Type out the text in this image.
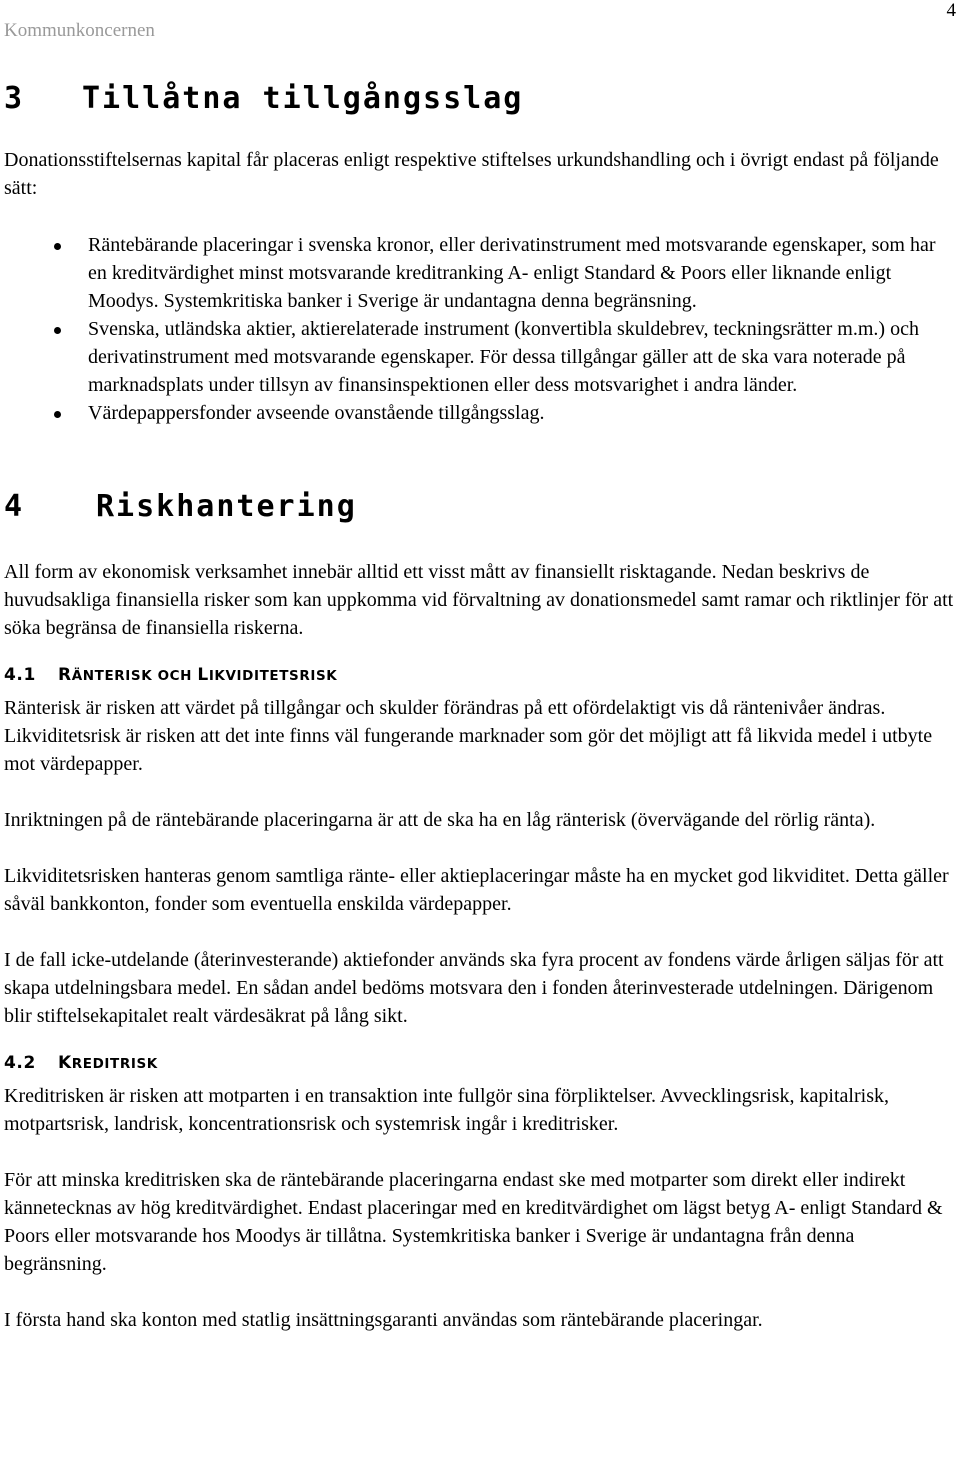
Kommunkoncernen
4
3	Tillåtna tillgångsslag

Donationsstiftelsernas kapital får placeras enligt respektive stiftelses urkundshandling och i övrigt endast på följande sätt:

Räntebärande placeringar i svenska kronor, eller derivatinstrument med motsvarande egenskaper, som har en kreditvärdighet minst motsvarande kreditranking A- enligt Standard & Poors eller liknande enligt Moodys. Systemkritiska banker i Sverige är undantagna denna begränsning.
Svenska, utländska aktier, aktierelaterade instrument (konvertibla skuldebrev, teckningsrätter m.m.) och derivatinstrument med motsvarande egenskaper. För dessa tillgångar gäller att de ska vara noterade på marknadsplats under tillsyn av finansinspektionen eller dess motsvarighet i andra länder.
Värdepappersfonder avseende ovanstående tillgångsslag.
4	Riskhantering

All form av ekonomisk verksamhet innebär alltid ett visst mått av finansiellt risktagande. Nedan beskrivs de huvudsakliga finansiella risker som kan uppkomma vid förvaltning av donationsmedel samt ramar och riktlinjer för att söka begränsa de finansiella riskerna.

4.1 RÄNTERISK OCH LIKVIDITETSRISK

Ränterisk är risken att värdet på tillgångar och skulder förändras på ett ofördelaktigt vis då räntenivåer ändras. Likviditetsrisk är risken att det inte finns väl fungerande marknader som gör det möjligt att få likvida medel i utbyte mot värdepapper.

Inriktningen på de räntebärande placeringarna är att de ska ha en låg ränterisk (övervägande del rörlig ränta).

Likviditetsrisken hanteras genom samtliga ränte- eller aktieplaceringar måste ha en mycket god likviditet. Detta gäller såväl bankkonton, fonder som eventuella enskilda värdepapper.

I de fall icke-utdelande (återinvesterande) aktiefonder används ska fyra procent av fondens värde årligen säljas för att skapa utdelningsbara medel. En sådan andel bedöms motsvara den i fonden återinvesterade utdelningen. Därigenom blir stiftelsekapitalet realt värdesäkrat på lång sikt.

4.2 KREDITRISK

Kreditrisken är risken att motparten i en transaktion inte fullgör sina förpliktelser. Avvecklingsrisk, kapitalrisk, motpartsrisk, landrisk, koncentrationsrisk och systemrisk ingår i kreditrisker.

För att minska kreditrisken ska de räntebärande placeringarna endast ske med motparter som direkt eller indirekt kännetecknas av hög kreditvärdighet. Endast placeringar med en kreditvärdighet om lägst betyg A- enligt Standard & Poors eller motsvarande hos Moodys är tillåtna. Systemkritiska banker i Sverige är undantagna från denna begränsning.

I första hand ska konton med statlig insättningsgaranti användas som räntebärande placeringar.
